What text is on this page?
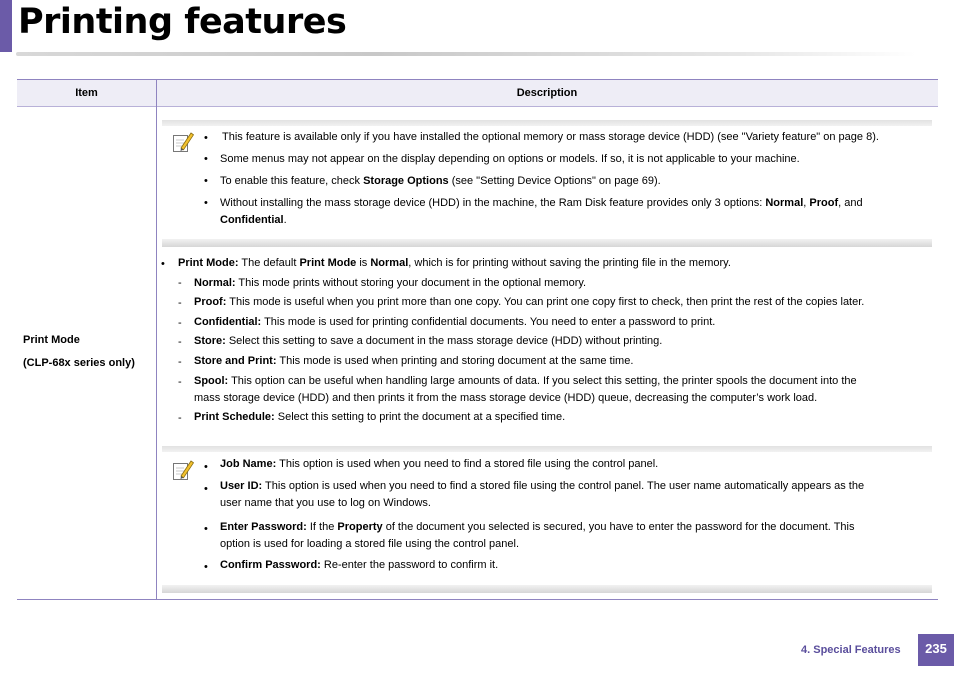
Printing features
Item	Description
Print Mode
(CLP-68x series only)
• This feature is available only if you have installed the optional memory or mass storage device (HDD) (see "Variety feature" on page 8).
• Some menus may not appear on the display depending on options or models. If so, it is not applicable to your machine.
• To enable this feature, check Storage Options (see "Setting Device Options" on page 69).
• Without installing the mass storage device (HDD) in the machine, the Ram Disk feature provides only 3 options: Normal, Proof, and
Confidential.
• Print Mode: The default Print Mode is Normal, which is for printing without saving the printing file in the memory.
- Normal: This mode prints without storing your document in the optional memory.
- Proof: This mode is useful when you print more than one copy. You can print one copy first to check, then print the rest of the copies later.
- Confidential: This mode is used for printing confidential documents. You need to enter a password to print.
- Store: Select this setting to save a document in the mass storage device (HDD) without printing.
- Store and Print: This mode is used when printing and storing document at the same time.
- Spool: This option can be useful when handling large amounts of data. If you select this setting, the printer spools the document into the
mass storage device (HDD) and then prints it from the mass storage device (HDD) queue, decreasing the computer’s work load.
- Print Schedule: Select this setting to print the document at a specified time.
• Job Name: This option is used when you need to find a stored file using the control panel.
• User ID: This option is used when you need to find a stored file using the control panel. The user name automatically appears as the
user name that you use to log on Windows.
• Enter Password: If the Property of the document you selected is secured, you have to enter the password for the document. This
option is used for loading a stored file using the control panel.
• Confirm Password: Re-enter the password to confirm it.
4. Special Features	235
